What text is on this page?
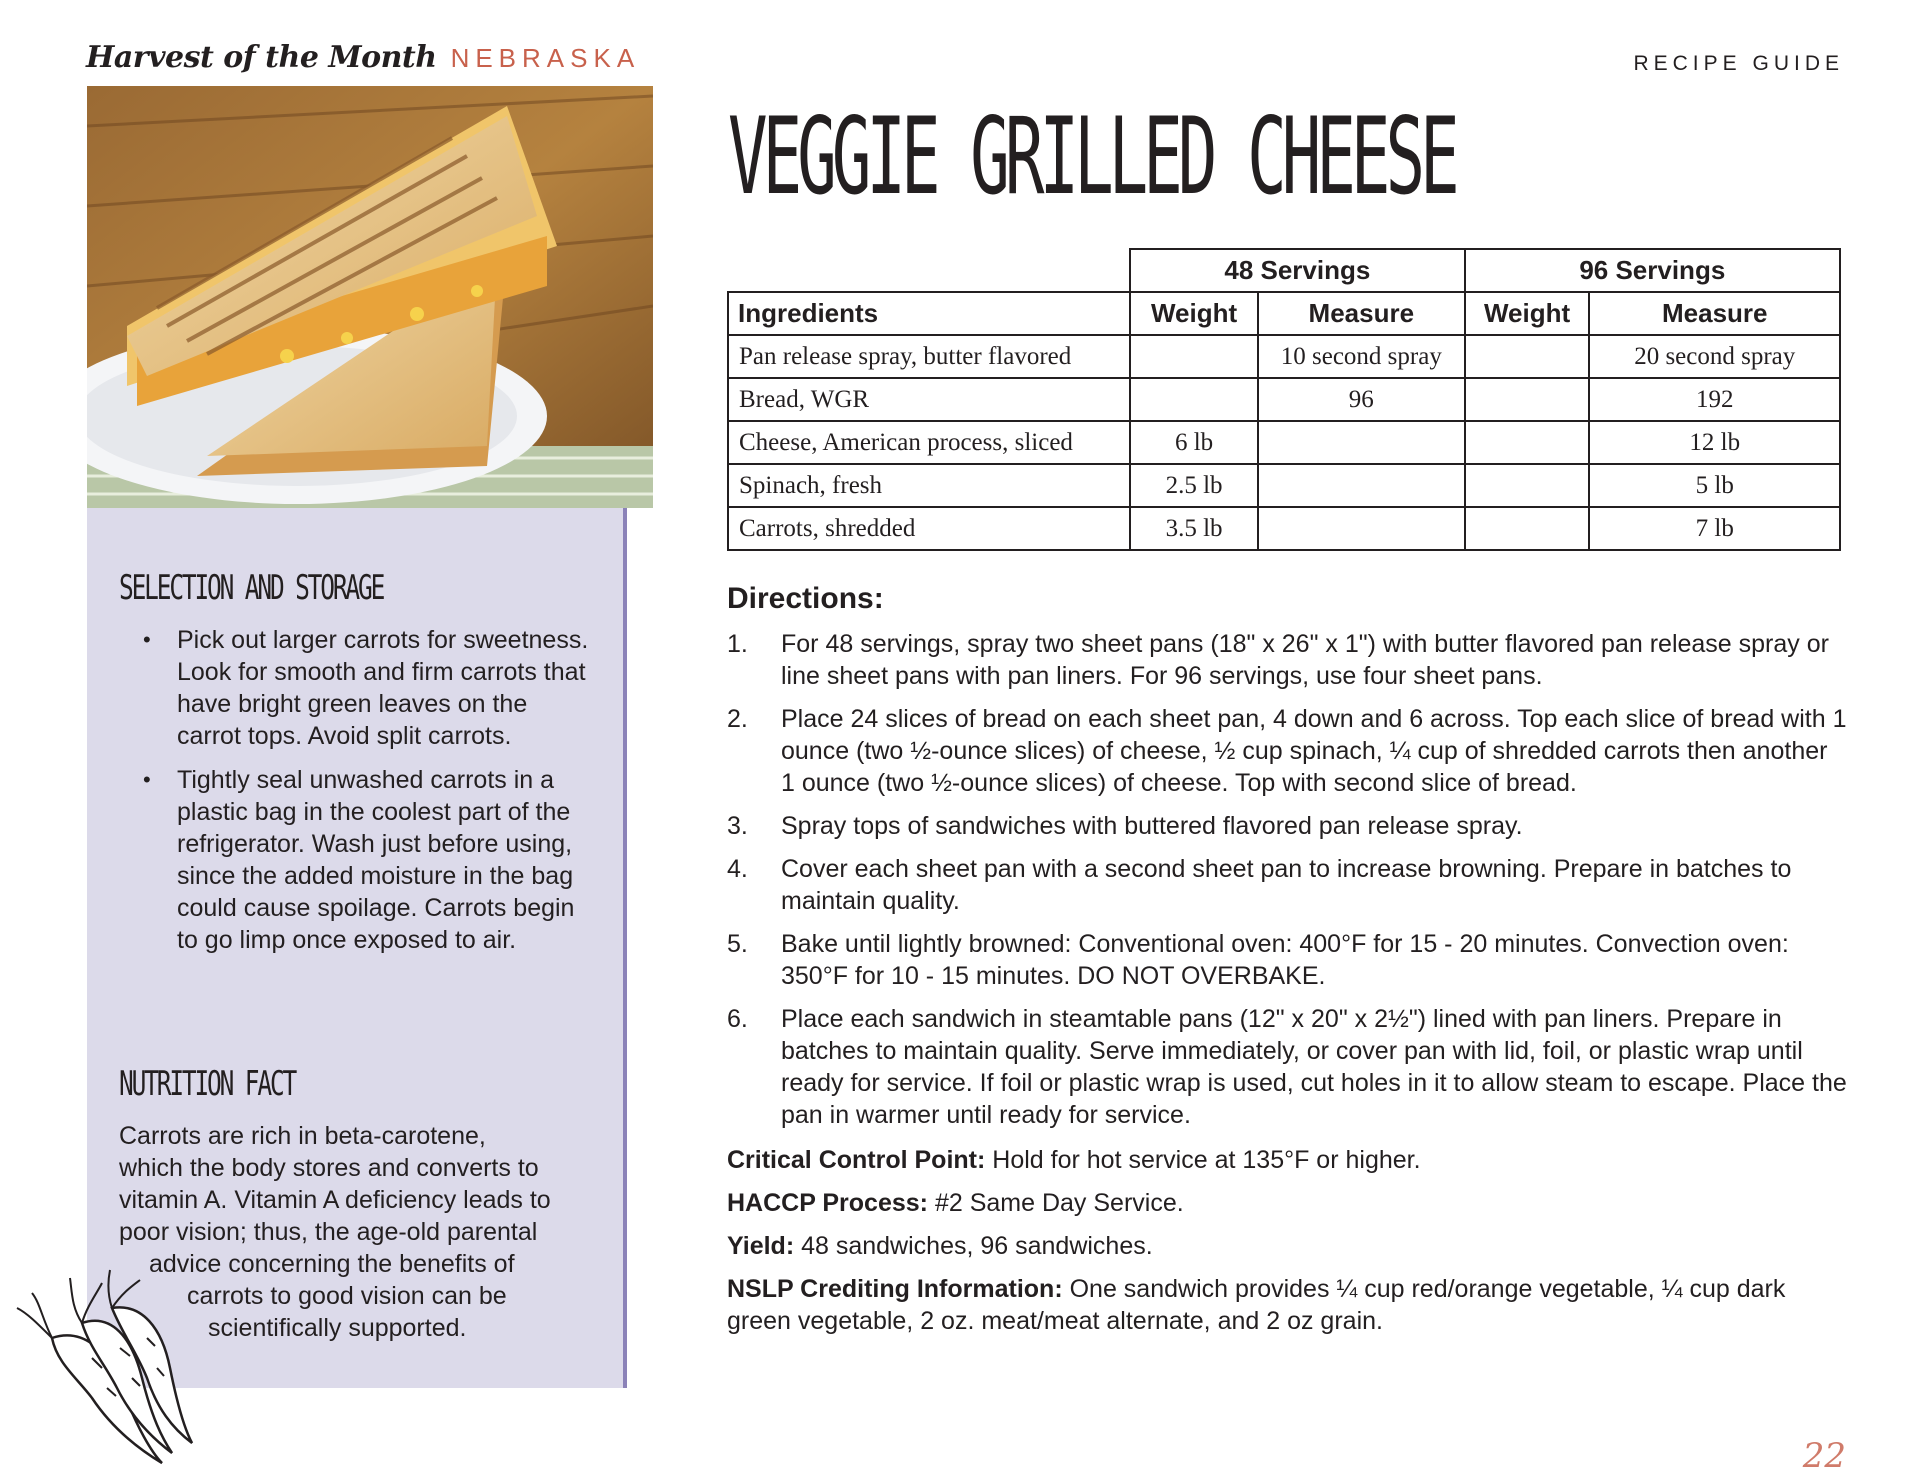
Harvest of the Month NEBRASKA	RECIPE GUIDE
SELECTION AND STORAGE
• Pick out larger carrots for sweetness. Look for smooth and firm carrots that have bright green leaves on the carrot tops. Avoid split carrots.
• Tightly seal unwashed carrots in a plastic bag in the coolest part of the refrigerator. Wash just before using, since the added moisture in the bag could cause spoilage. Carrots begin to go limp once exposed to air.
NUTRITION FACT
Carrots are rich in beta-carotene,
which the body stores and converts to
vitamin A. Vitamin A deficiency leads to
poor vision; thus, the age-old parental
advice concerning the benefits of
carrots to good vision can be
scientifically supported.
VEGGIE GRILLED CHEESE
	48 Servings		96 Servings	
Ingredients	Weight	Measure	Weight	Measure
Pan release spray, butter flavored		10 second spray		20 second spray
Bread, WGR		96		192
Cheese, American process, sliced	6 lb			12 lb
Spinach, fresh	2.5 lb			5 lb
Carrots, shredded	3.5 lb			7 lb
Directions:
1. For 48 servings, spray two sheet pans (18" x 26" x 1") with butter flavored pan release spray or line sheet pans with pan liners. For 96 servings, use four sheet pans.
2. Place 24 slices of bread on each sheet pan, 4 down and 6 across. Top each slice of bread with 1 ounce (two ½-ounce slices) of cheese, ½ cup spinach, ¼ cup of shredded carrots then another 1 ounce (two ½-ounce slices) of cheese. Top with second slice of bread.
3. Spray tops of sandwiches with buttered flavored pan release spray.
4. Cover each sheet pan with a second sheet pan to increase browning. Prepare in batches to maintain quality.
5. Bake until lightly browned: Conventional oven: 400°F for 15 - 20 minutes. Convection oven: 350°F for 10 - 15 minutes. DO NOT OVERBAKE.
6. Place each sandwich in steamtable pans (12" x 20" x 2½") lined with pan liners. Prepare in batches to maintain quality. Serve immediately, or cover pan with lid, foil, or plastic wrap until ready for service. If foil or plastic wrap is used, cut holes in it to allow steam to escape. Place the pan in warmer until ready for service.

Critical Control Point: Hold for hot service at 135°F or higher.

HACCP Process: #2 Same Day Service.

Yield: 48 sandwiches, 96 sandwiches.

NSLP Crediting Information: One sandwich provides ¼ cup red/orange vegetable, ¼ cup dark green vegetable, 2 oz. meat/meat alternate, and 2 oz grain.

22
